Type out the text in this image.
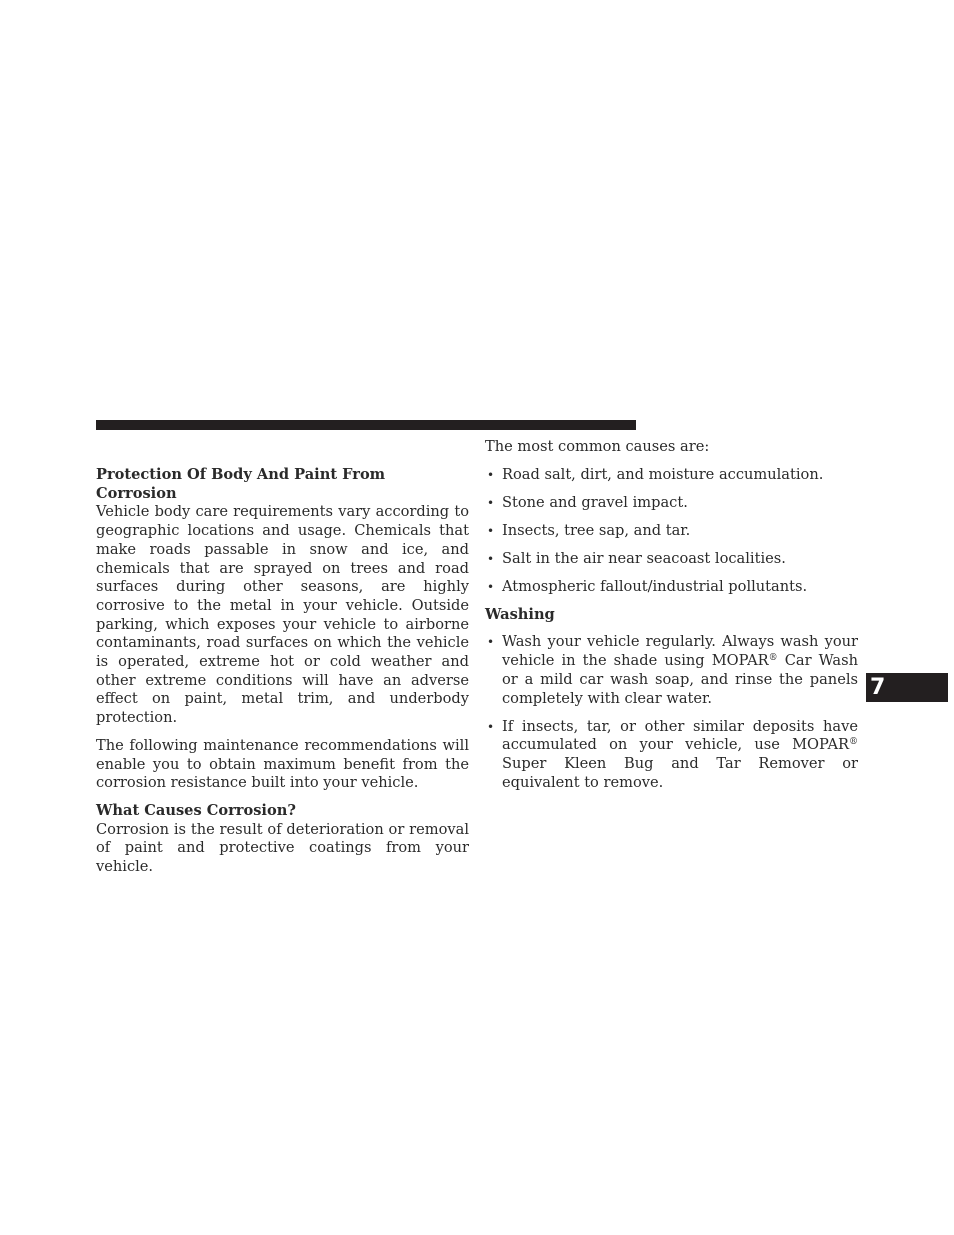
Protection Of Body And Paint From Corrosion

Vehicle body care requirements vary according to geographic locations and usage. Chemicals that make roads passable in snow and ice, and chemicals that are sprayed on trees and road surfaces during other seasons, are highly corrosive to the metal in your vehicle. Outside parking, which exposes your vehicle to airborne contaminants, road surfaces on which the vehicle is operated, extreme hot or cold weather and other extreme conditions will have an adverse effect on paint, metal trim, and underbody protection.

The following maintenance recommendations will enable you to obtain maximum benefit from the corrosion resistance built into your vehicle.

What Causes Corrosion?

Corrosion is the result of deterioration or removal of paint and protective coatings from your vehicle.

The most common causes are:

• Road salt, dirt, and moisture accumulation.
• Stone and gravel impact.
• Insects, tree sap, and tar.
• Salt in the air near seacoast localities.
• Atmospheric fallout/industrial pollutants.

Washing

• Wash your vehicle regularly. Always wash your vehicle in the shade using MOPAR® Car Wash or a mild car wash soap, and rinse the panels completely with clear water.
• If insects, tar, or other similar deposits have accumulated on your vehicle, use MOPAR® Super Kleen Bug and Tar Remover or equivalent to remove.
7
